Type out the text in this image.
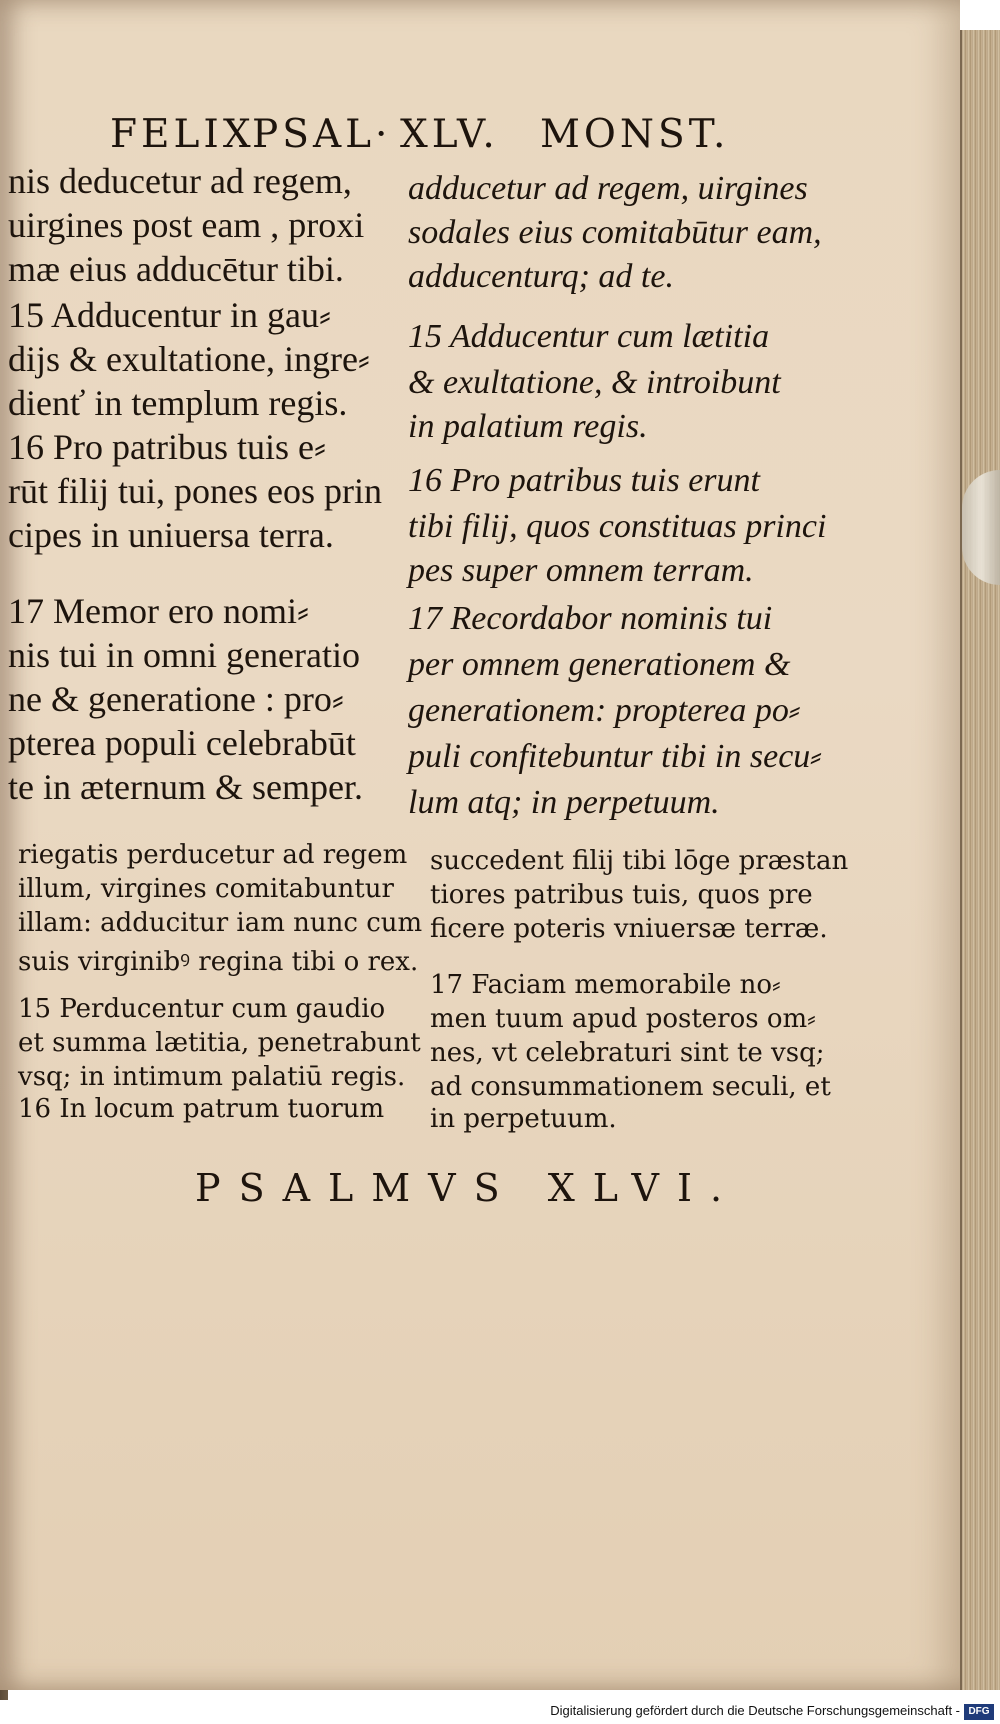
FELIX
PSAL· XLV. MONST.
nis deducetur ad regem,
uirgines post eam , proxi
mæ eius adducētur tibi.
15 Adducentur in gau⸗
dijs & exultatione, ingre⸗
dienť in templum regis.
16 Pro patribus tuis e⸗
rūt filij tui, pones eos prin
cipes in uniuersa terra.
17 Memor ero nomi⸗
nis tui in omni generatio
ne & generatione : pro⸗
pterea populi celebrabūt
te in æternum & semper.
adducetur ad regem, uirgines
sodales eius comitabūtur eam,
adducenturq; ad te.
15 Adducentur cum lætitia
& exultatione, & introibunt
in palatium regis.
16 Pro patribus tuis erunt
tibi filij, quos constituas princi
pes super omnem terram.
17 Recordabor nominis tui
per omnem generationem &
generationem: propterea po⸗
puli confitebuntur tibi in secu⸗
lum atq; in perpetuum.
riegatis perducetur ad regem
illum, virgines comitabuntur
illam: adducitur iam nunc cum
suis virginibꝰ regina tibi o rex.
15 Perducentur cum gaudio
et summa lætitia, penetrabunt
vsq; in intimum palatiū regis.
16 In locum patrum tuorum
succedent filij tibi lōge præstan
tiores patribus tuis, quos pre
ficere poteris vniuersæ terræ.
17 Faciam memorabile no⸗
men tuum apud posteros om⸗
nes, vt celebraturi sint te vsq;
ad consummationem seculi, et
in perpetuum.
PSALMVS XLVI.
Digitalisierung gefördert durch die Deutsche Forschungsgemeinschaft - DFG
